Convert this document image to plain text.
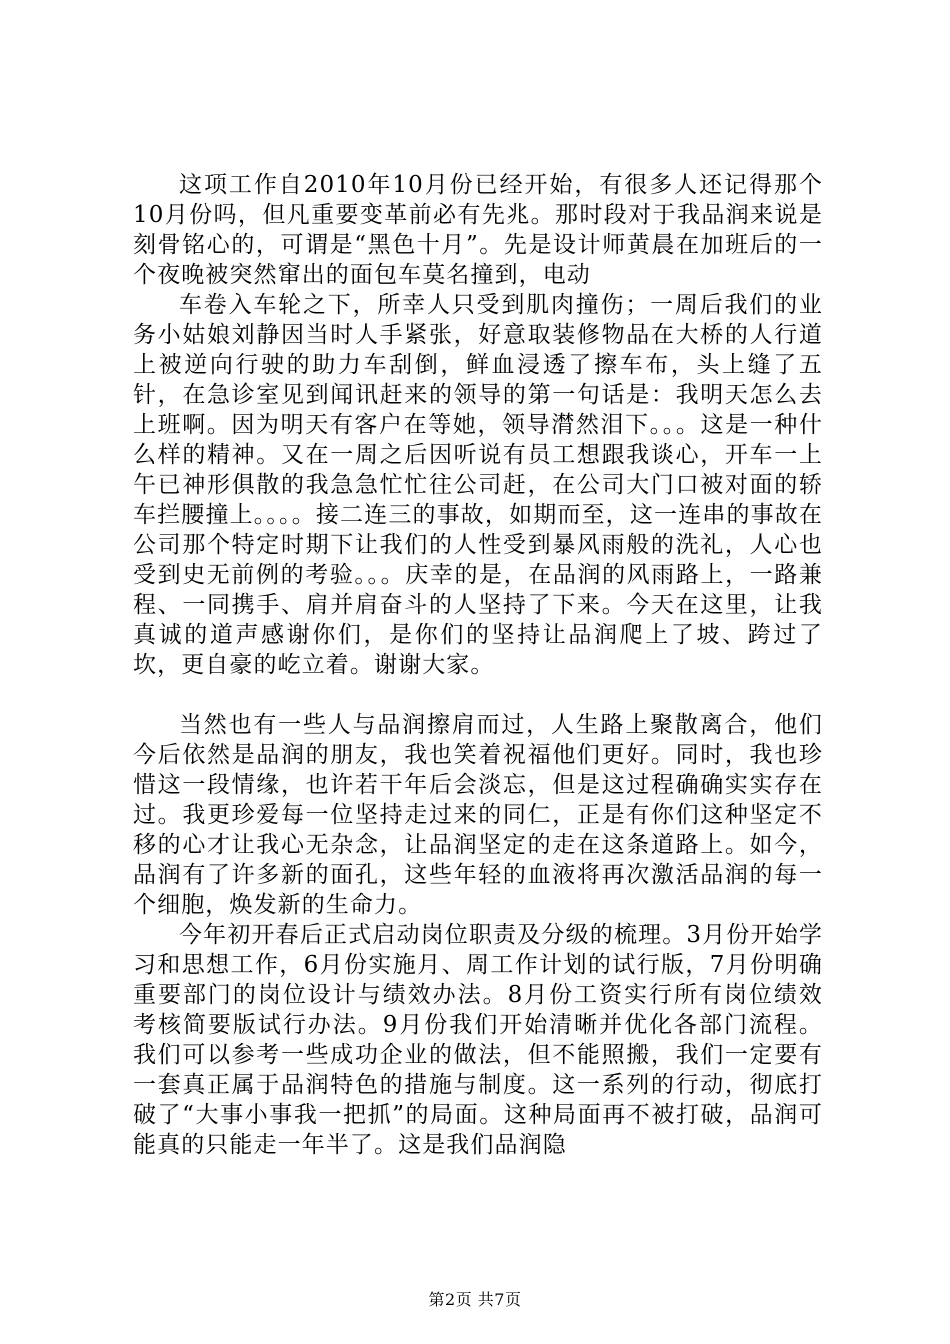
这项工作自2010年10月份已经开始，有很多人还记得那个10月份吗，但凡重要变革前必有先兆。那时段对于我品润来说是刻骨铭心的，可谓是“黑色十月”。先是设计师黄晨在加班后的一个夜晚被突然窜出的面包车莫名撞到，电动

车卷入车轮之下，所幸人只受到肌肉撞伤；一周后我们的业务小姑娘刘静因当时人手紧张，好意取装修物品在大桥的人行道上被逆向行驶的助力车刮倒，鲜血浸透了擦车布，头上缝了五针，在急诊室见到闻讯赶来的领导的第一句话是：我明天怎么去上班啊。因为明天有客户在等她，领导潸然泪下。。。这是一种什么样的精神。又在一周之后因听说有员工想跟我谈心，开车一上午已神形俱散的我急急忙忙往公司赶，在公司大门口被对面的轿车拦腰撞上。。。。接二连三的事故，如期而至，这一连串的事故在公司那个特定时期下让我们的人性受到暴风雨般的洗礼，人心也受到史无前例的考验。。。庆幸的是，在品润的风雨路上，一路兼程、一同携手、肩并肩奋斗的人坚持了下来。今天在这里，让我真诚的道声感谢你们，是你们的坚持让品润爬上了坡、跨过了坎，更自豪的屹立着。谢谢大家。

当然也有一些人与品润擦肩而过，人生路上聚散离合，他们今后依然是品润的朋友，我也笑着祝福他们更好。同时，我也珍惜这一段情缘，也许若干年后会淡忘，但是这过程确确实实存在过。我更珍爱每一位坚持走过来的同仁，正是有你们这种坚定不移的心才让我心无杂念，让品润坚定的走在这条道路上。如今，品润有了许多新的面孔，这些年轻的血液将再次激活品润的每一个细胞，焕发新的生命力。

今年初开春后正式启动岗位职责及分级的梳理。3月份开始学习和思想工作，6月份实施月、周工作计划的试行版，7月份明确重要部门的岗位设计与绩效办法。8月份工资实行所有岗位绩效考核简要版试行办法。9月份我们开始清晰并优化各部门流程。我们可以参考一些成功企业的做法，但不能照搬，我们一定要有一套真正属于品润特色的措施与制度。这一系列的行动，彻底打破了“大事小事我一把抓”的局面。这种局面再不被打破，品润可能真的只能走一年半了。这是我们品润隐

第2页 共7页
